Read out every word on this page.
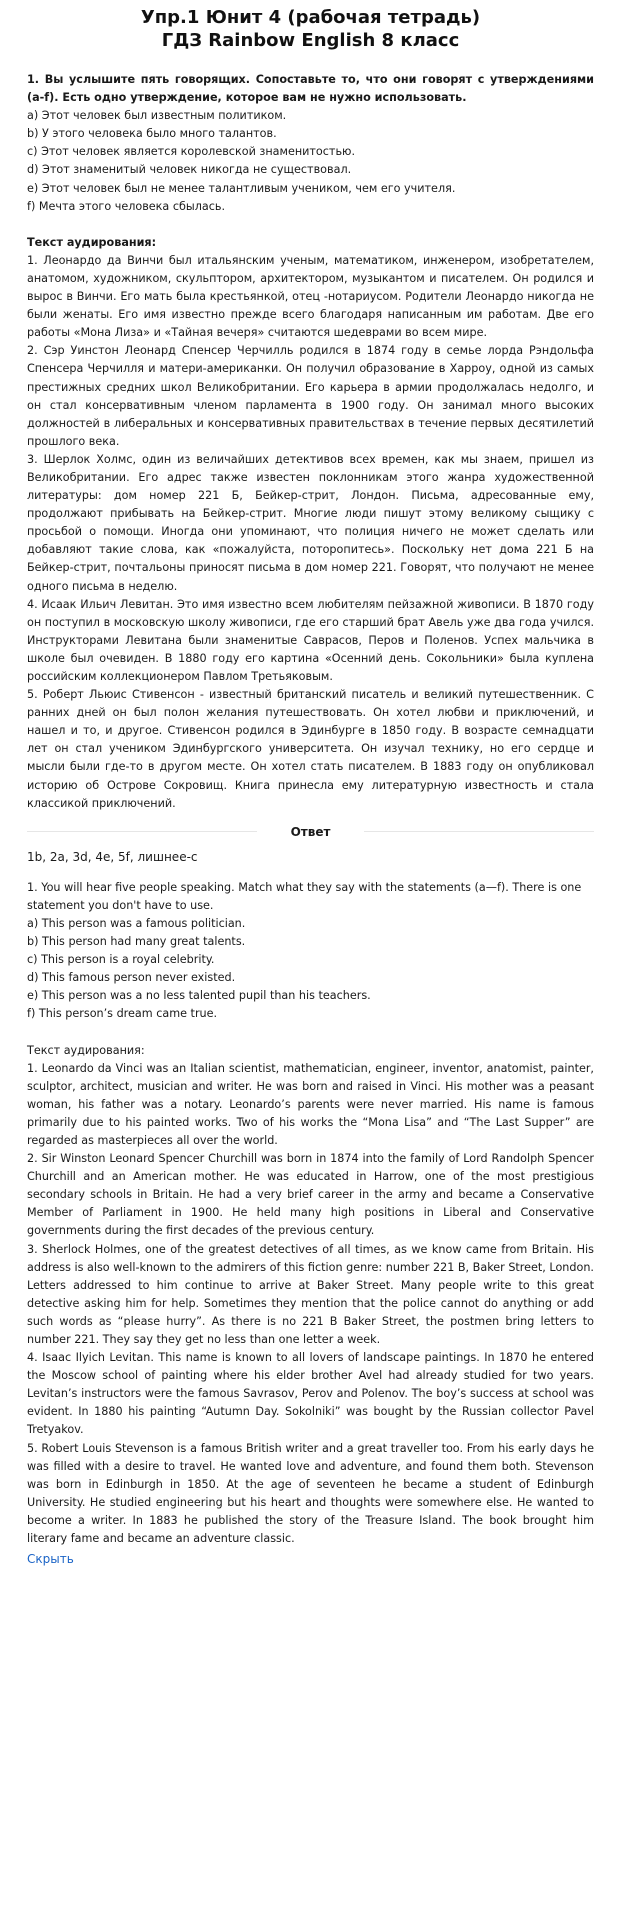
Упр.1 Юнит 4 (рабочая тетрадь)
ГДЗ Rainbow English 8 класс

1. Вы услышите пять говорящих. Сопоставьте то, что они говорят с утверждениями (a-f). Есть одно утверждение, которое вам не нужно использовать.

a) Этот человек был известным политиком.

b) У этого человека было много талантов.

c) Этот человек является королевской знаменитостью.

d) Этот знаменитый человек никогда не существовал.

e) Этот человек был не менее талантливым учеником, чем его учителя.

f) Мечта этого человека сбылась.

Текст аудирования:

1. Леонардо да Винчи был итальянским ученым, математиком, инженером, изобретателем, анатомом, художником, скульптором, архитектором, музыкантом и писателем. Он родился и вырос в Винчи. Его мать была крестьянкой, отец -нотариусом. Родители Леонардо никогда не были женаты. Его имя известно прежде всего благодаря написанным им работам. Две его работы «Мона Лиза» и «Тайная вечеря» считаются шедеврами во всем мире.

2. Сэр Уинстон Леонард Спенсер Черчилль родился в 1874 году в семье лорда Рэндольфа Спенсера Черчилля и матери-американки. Он получил образование в Харроу, одной из самых престижных средних школ Великобритании. Его карьера в армии продолжалась недолго, и он стал консервативным членом парламента в 1900 году. Он занимал много высоких должностей в либеральных и консервативных правительствах в течение первых десятилетий прошлого века.

3. Шерлок Холмс, один из величайших детективов всех времен, как мы знаем, пришел из Великобритании. Его адрес также известен поклонникам этого жанра художественной литературы: дом номер 221 Б, Бейкер-стрит, Лондон. Письма, адресованные ему, продолжают прибывать на Бейкер-стрит. Многие люди пишут этому великому сыщику с просьбой о помощи. Иногда они упоминают, что полиция ничего не может сделать или добавляют такие слова, как «пожалуйста, поторопитесь». Поскольку нет дома 221 Б на Бейкер-стрит, почтальоны приносят письма в дом номер 221. Говорят, что получают не менее одного письма в неделю.

4. Исаак Ильич Левитан. Это имя известно всем любителям пейзажной живописи. В 1870 году он поступил в московскую школу живописи, где его старший брат Авель уже два года учился. Инструкторами Левитана были знаменитые Саврасов, Перов и Поленов. Успех мальчика в школе был очевиден. В 1880 году его картина «Осенний день. Сокольники» была куплена российским коллекционером Павлом Третьяковым.

5. Роберт Льюис Стивенсон - известный британский писатель и великий путешественник. С ранних дней он был полон желания путешествовать. Он хотел любви и приключений, и нашел и то, и другое. Стивенсон родился в Эдинбурге в 1850 году. В возрасте семнадцати лет он стал учеником Эдинбургского университета. Он изучал технику, но его сердце и мысли были где-то в другом месте. Он хотел стать писателем. В 1883 году он опубликовал историю об Острове Сокровищ. Книга принесла ему литературную известность и стала классикой приключений.

Ответ

1b, 2a, 3d, 4e, 5f, лишнее-c

1. You will hear five people speaking. Match what they say with the statements (a—f). There is one statement you don't have to use.

a) This person was a famous politician.

b) This person had many great talents.

c) This person is a royal celebrity.

d) This famous person never existed.

e) This person was a no less talented pupil than his teachers.

f) This person’s dream came true.

Текст аудирования:

1. Leonardo da Vinci was an Italian scientist, mathematician, engineer, inventor, anatomist, painter, sculptor, architect, musician and writer. He was born and raised in Vinci. His mother was a peasant woman, his father was a notary. Leonardo’s parents were never married. His name is famous primarily due to his painted works. Two of his works the “Mona Lisa” and “The Last Supper” are regarded as masterpieces all over the world.

2. Sir Winston Leonard Spencer Churchill was born in 1874 into the family of Lord Randolph Spencer Churchill and an American mother. He was educated in Harrow, one of the most prestigious secondary schools in Britain. He had a very brief career in the army and became a Conservative Member of Parliament in 1900. He held many high positions in Liberal and Conservative governments during the first decades of the previous century.

3. Sherlock Holmes, one of the greatest detectives of all times, as we know came from Britain. His address is also well-known to the admirers of this fiction genre: number 221 B, Baker Street, London. Letters addressed to him continue to arrive at Baker Street. Many people write to this great detective asking him for help. Sometimes they mention that the police cannot do anything or add such words as “please hurry”. As there is no 221 B Baker Street, the postmen bring letters to number 221. They say they get no less than one letter a week.

4. Isaac Ilyich Levitan. This name is known to all lovers of landscape paintings. In 1870 he entered the Moscow school of painting where his elder brother Avel had already studied for two years. Levitan’s instructors were the famous Savrasov, Perov and Polenov. The boy’s success at school was evident. In 1880 his painting “Autumn Day. Sokolniki” was bought by the Russian collector Pavel Tretyakov.

5. Robert Louis Stevenson is a famous British writer and a great traveller too. From his early days he was filled with a desire to travel. He wanted love and adventure, and found them both. Stevenson was born in Edinburgh in 1850. At the age of seventeen he became a student of Edinburgh University. He studied engineering but his heart and thoughts were somewhere else. He wanted to become a writer. In 1883 he published the story of the Treasure Island. The book brought him literary fame and became an adventure classic.

Скрыть
